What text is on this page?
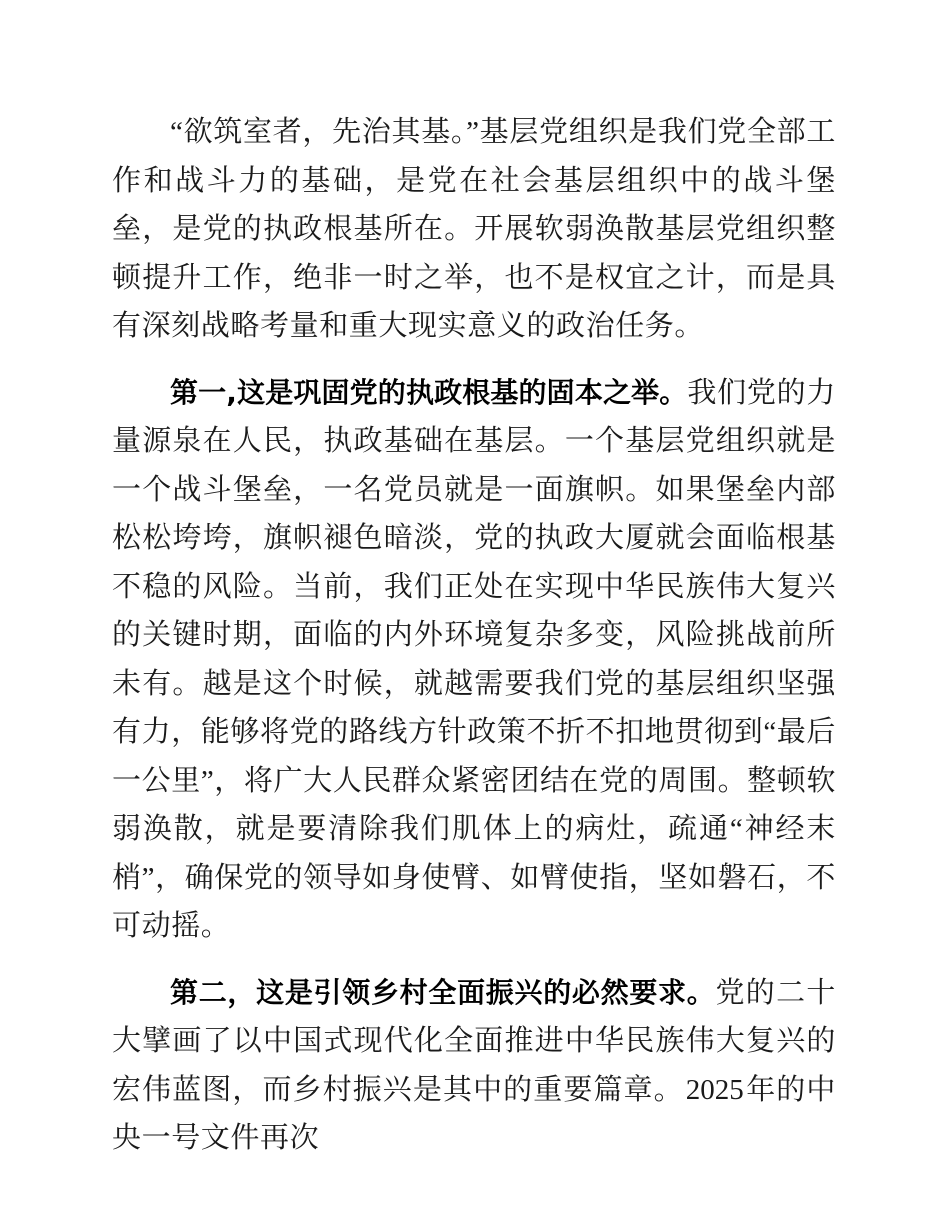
“欲筑室者，先治其基。”基层党组织是我们党全部工作和战斗力的基础，是党在社会基层组织中的战斗堡垒，是党的执政根基所在。开展软弱涣散基层党组织整顿提升工作，绝非一时之举，也不是权宜之计，而是具有深刻战略考量和重大现实意义的政治任务。

第一,这是巩固党的执政根基的固本之举。我们党的力量源泉在人民，执政基础在基层。一个基层党组织就是一个战斗堡垒，一名党员就是一面旗帜。如果堡垒内部松松垮垮，旗帜褪色暗淡，党的执政大厦就会面临根基不稳的风险。当前，我们正处在实现中华民族伟大复兴的关键时期，面临的内外环境复杂多变，风险挑战前所未有。越是这个时候，就越需要我们党的基层组织坚强有力，能够将党的路线方针政策不折不扣地贯彻到“最后一公里”，将广大人民群众紧密团结在党的周围。整顿软弱涣散，就是要清除我们肌体上的病灶，疏通“神经末梢”，确保党的领导如身使臂、如臂使指，坚如磐石，不可动摇。

第二，这是引领乡村全面振兴的必然要求。党的二十大擘画了以中国式现代化全面推进中华民族伟大复兴的宏伟蓝图，而乡村振兴是其中的重要篇章。2025年的中央一号文件再次
